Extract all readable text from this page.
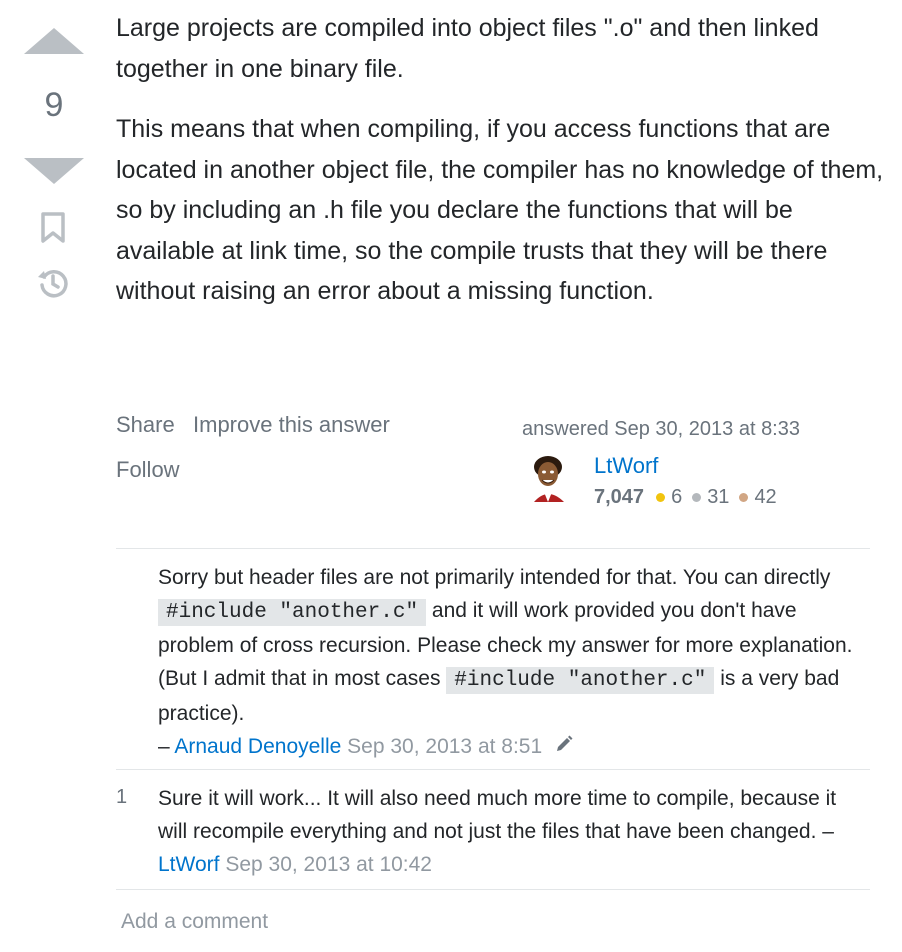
9

Large projects are compiled into object files ".o" and then linked together in one binary file.

This means that when compiling, if you access functions that are located in another object file, the compiler has no knowledge of them, so by including an .h file you declare the functions that will be available at link time, so the compile trusts that they will be there without raising an error about a missing function.

Share Improve this answer
Follow
answered Sep 30, 2013 at 8:33
LtWorf
7,047 6 31 42
Sorry but header files are not primarily intended for that. You can directly #include "another.c" and it will work provided you don't have problem of cross recursion. Please check my answer for more explanation. (But I admit that in most cases #include "another.c" is a very bad practice).
– Arnaud Denoyelle Sep 30, 2013 at 8:51
1 Sure it will work... It will also need much more time to compile, because it will recompile everything and not just the files that have been changed. – LtWorf Sep 30, 2013 at 10:42
Add a comment
